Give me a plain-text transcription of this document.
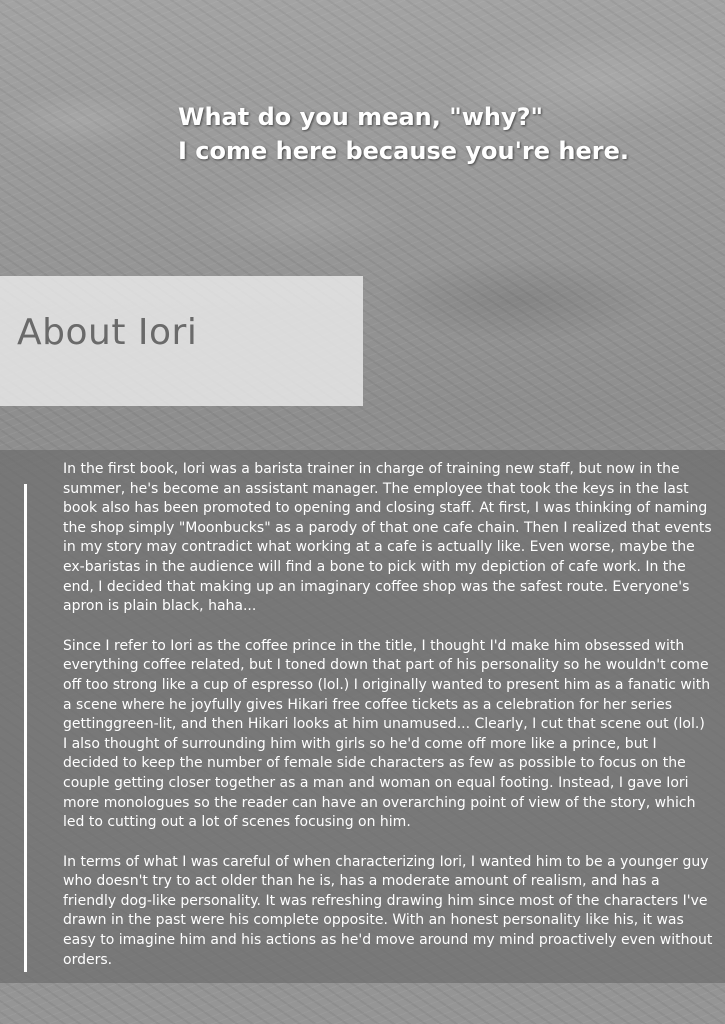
What do you mean, "why?"
I come here because you're here.
About Iori

In the first book, Iori was a barista trainer in charge of training new staff, but now in the summer, he's become an assistant manager. The employee that took the keys in the last book also has been promoted to opening and closing staff. At first, I was thinking of naming the shop simply "Moonbucks" as a parody of that one cafe chain. Then I realized that events in my story may contradict what working at a cafe is actually like. Even worse, maybe the ex-baristas in the audience will find a bone to pick with my depiction of cafe work. In the end, I decided that making up an imaginary coffee shop was the safest route. Everyone's apron is plain black, haha...

Since I refer to Iori as the coffee prince in the title, I thought I'd make him obsessed with everything coffee related, but I toned down that part of his personality so he wouldn't come off too strong like a cup of espresso (lol.) I originally wanted to present him as a fanatic with a scene where he joyfully gives Hikari free coffee tickets as a celebration for her series gettinggreen-lit, and then Hikari looks at him unamused... Clearly, I cut that scene out (lol.) I also thought of surrounding him with girls so he'd come off more like a prince, but I decided to keep the number of female side characters as few as possible to focus on the couple getting closer together as a man and woman on equal footing. Instead, I gave Iori more monologues so the reader can have an overarching point of view of the story, which led to cutting out a lot of scenes focusing on him.

In terms of what I was careful of when characterizing Iori, I wanted him to be a younger guy who doesn't try to act older than he is, has a moderate amount of realism, and has a friendly dog-like personality. It was refreshing drawing him since most of the characters I've drawn in the past were his complete opposite. With an honest personality like his, it was easy to imagine him and his actions as he'd move around my mind proactively even without orders.
